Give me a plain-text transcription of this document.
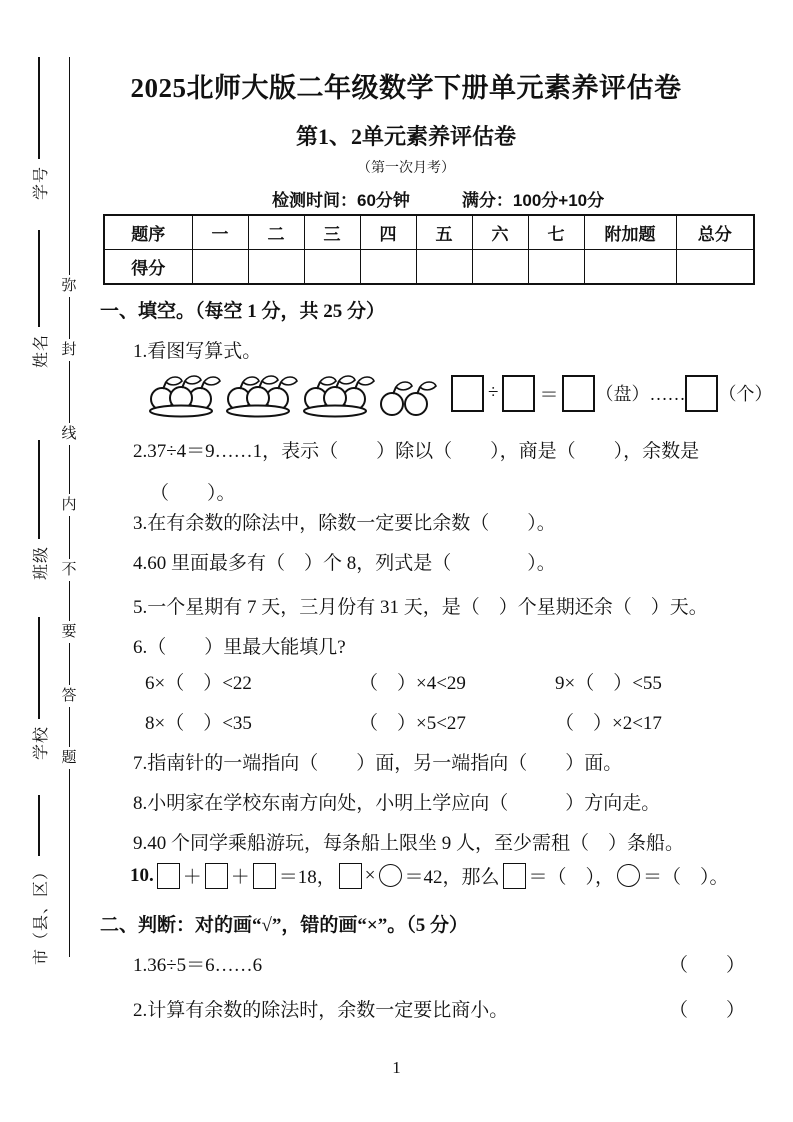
学号
姓名
班级
学校
市（县、区）
弥
封
线
内
不
要
答
题
2025北师大版二年级数学下册单元素养评估卷
第1、2单元素养评估卷
（第一次月考）
检测时间：60分钟	满分：100分+10分
题序	一	二	三	四	五	六	七	附加题	总分
得分									
一、填空。（每空 1 分，共 25 分）
1.看图写算式。
÷ ＝ （盘）…… （个）
2.37÷4＝9……1，表示（　　）除以（　　），商是（　　），余数是
（　　）。
3.在有余数的除法中，除数一定要比余数（　　）。
4.60 里面最多有（　）个 8，列式是（　　　　）。
5.一个星期有 7 天，三月份有 31 天，是（　）个星期还余（　）天。
6.（　　）里最大能填几?
6×（　）<22	（　）×4<29	9×（　）<55
8×（　）<35	（　）×5<27	（　）×2<17
7.指南针的一端指向（　　）面，另一端指向（　　）面。
8.小明家在学校东南方向处，小明上学应向（　　　）方向走。
9.40 个同学乘船游玩，每条船上限坐 9 人，至少需租（　）条船。
10. ＋ ＋ ＝18， × ＝42，那么 ＝（　）， ＝（　）。
二、判断：对的画“√”，错的画“×”。（5 分）
1.36÷5＝6……6	（　　）
2.计算有余数的除法时，余数一定要比商小。	（　　）
1
